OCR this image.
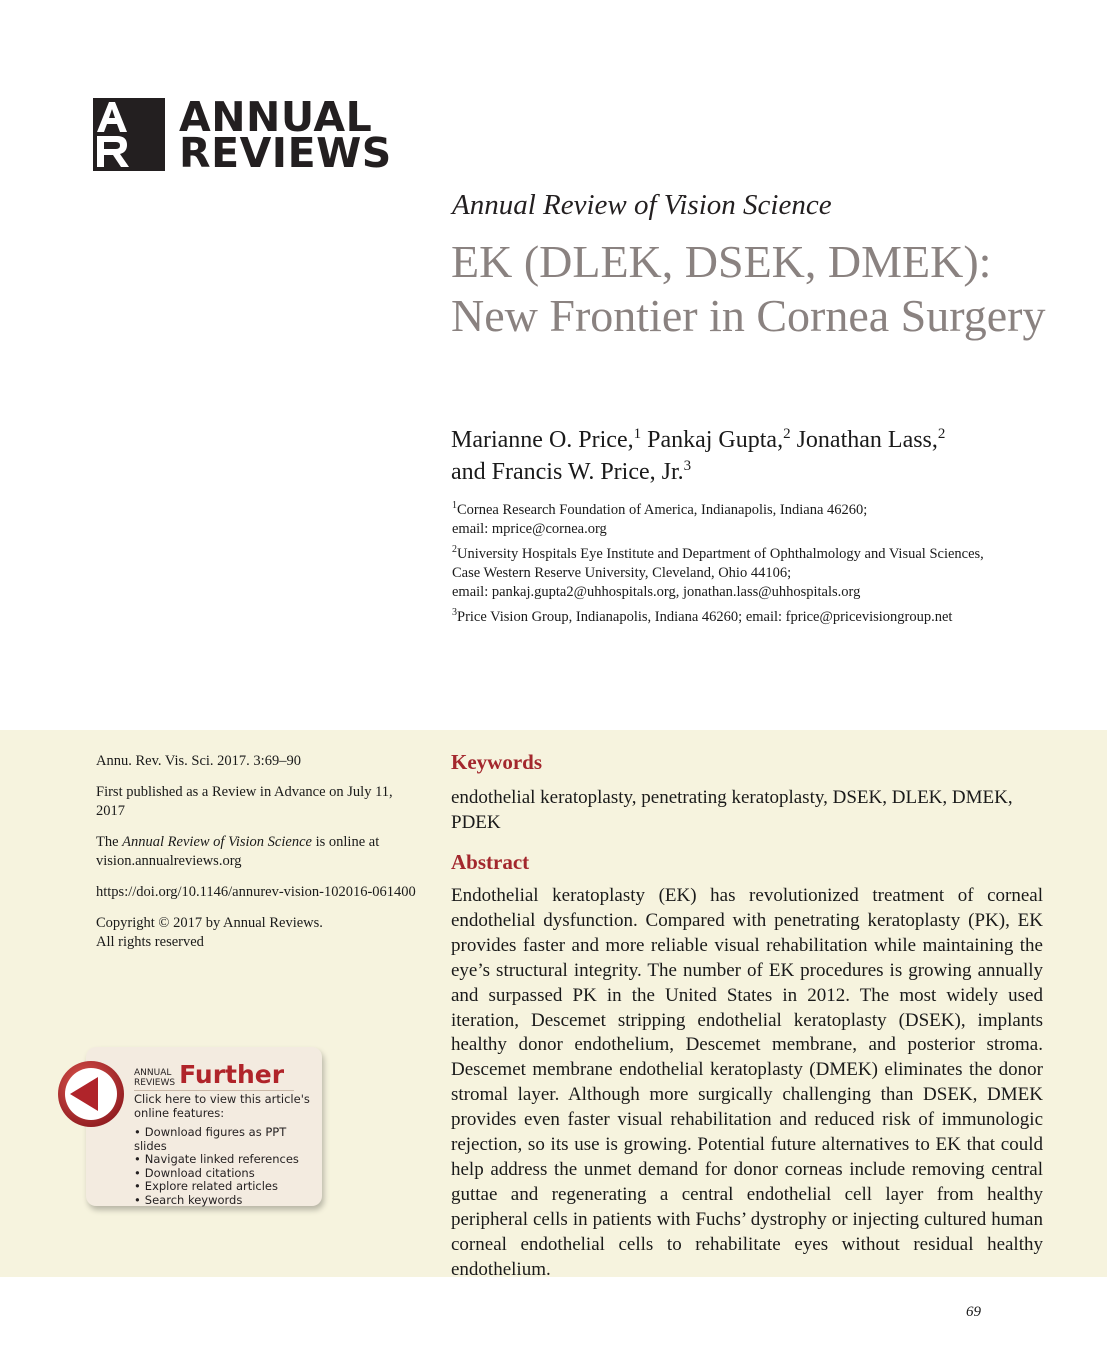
ANNUAL
REVIEWS
Annual Review of Vision Science
EK (DLEK, DSEK, DMEK): New Frontier in Cornea Surgery
Marianne O. Price,$^1$ Pankaj Gupta,$^2$ Jonathan Lass,$^2$
and Francis W. Price, Jr.$^3$
$^1$Cornea Research Foundation of America, Indianapolis, Indiana 46260;
email: mprice@cornea.org
$^2$University Hospitals Eye Institute and Department of Ophthalmology and Visual Sciences,
Case Western Reserve University, Cleveland, Ohio 44106;
email: pankaj.gupta2@uhhospitals.org, jonathan.lass@uhhospitals.org
$^3$Price Vision Group, Indianapolis, Indiana 46260; email: fprice@pricevisiongroup.net

Annu. Rev. Vis. Sci. 2017. 3:69–90

First published as a Review in Advance on July 11, 2017

The Annual Review of Vision Science is online at vision.annualreviews.org

https://doi.org/10.1146/annurev-vision-102016-061400

Copyright © 2017 by Annual Reviews.
All rights reserved

ANNUAL
REVIEWS Further
Click here to view this article's online features:
• Download figures as PPT slides
• Navigate linked references
• Download citations
• Explore related articles
• Search keywords
Keywords
endothelial keratoplasty, penetrating keratoplasty, DSEK, DLEK, DMEK, PDEK
Abstract
Endothelial keratoplasty (EK) has revolutionized treatment of corneal endothelial dysfunction. Compared with penetrating keratoplasty (PK), EK provides faster and more reliable visual rehabilitation while maintaining the eye’s structural integrity. The number of EK procedures is growing annually and surpassed PK in the United States in 2012. The most widely used iteration, Descemet stripping endothelial keratoplasty (DSEK), implants healthy donor endothelium, Descemet membrane, and posterior stroma. Descemet membrane endothelial keratoplasty (DMEK) eliminates the donor stromal layer. Although more surgically challenging than DSEK, DMEK provides even faster visual rehabilitation and reduced risk of immunologic rejection, so its use is growing. Potential future alternatives to EK that could help address the unmet demand for donor corneas include removing central guttae and regenerating a central endothelial cell layer from healthy peripheral cells in patients with Fuchs’ dystrophy or injecting cultured human corneal endothelial cells to rehabilitate eyes without residual healthy endothelium.
69
